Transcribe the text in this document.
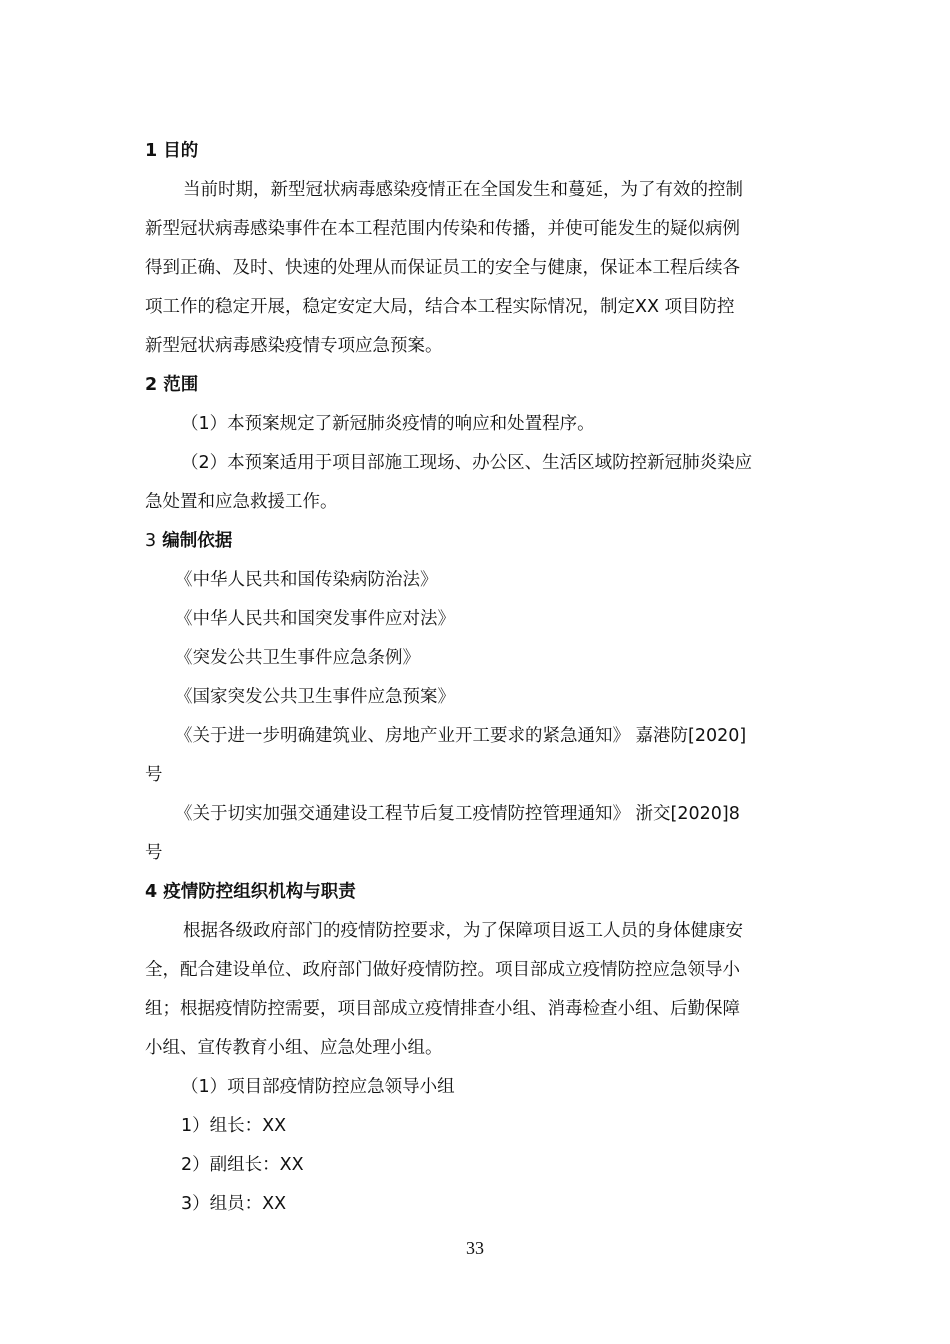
1 目的
当前时期，新型冠状病毒感染疫情正在全国发生和蔓延，为了有效的控制
新型冠状病毒感染事件在本工程范围内传染和传播，并使可能发生的疑似病例
得到正确、及时、快速的处理从而保证员工的安全与健康，保证本工程后续各
项工作的稳定开展，稳定安定大局，结合本工程实际情况，制定XX 项目防控
新型冠状病毒感染疫情专项应急预案。
2 范围
（1）本预案规定了新冠肺炎疫情的响应和处置程序。
（2）本预案适用于项目部施工现场、办公区、生活区域防控新冠肺炎染应
急处置和应急救援工作。
3 编制依据
《中华人民共和国传染病防治法》
《中华人民共和国突发事件应对法》
《突发公共卫生事件应急条例》
《国家突发公共卫生事件应急预案》
《关于进一步明确建筑业、房地产业开工要求的紧急通知》 嘉港防[2020]
号
《关于切实加强交通建设工程节后复工疫情防控管理通知》 浙交[2020]8
号
4 疫情防控组织机构与职责
根据各级政府部门的疫情防控要求，为了保障项目返工人员的身体健康安
全，配合建设单位、政府部门做好疫情防控。项目部成立疫情防控应急领导小
组；根据疫情防控需要，项目部成立疫情排查小组、消毒检查小组、后勤保障
小组、宣传教育小组、应急处理小组。
（1）项目部疫情防控应急领导小组
1）组长：XX
2）副组长：XX
3）组员：XX
33
